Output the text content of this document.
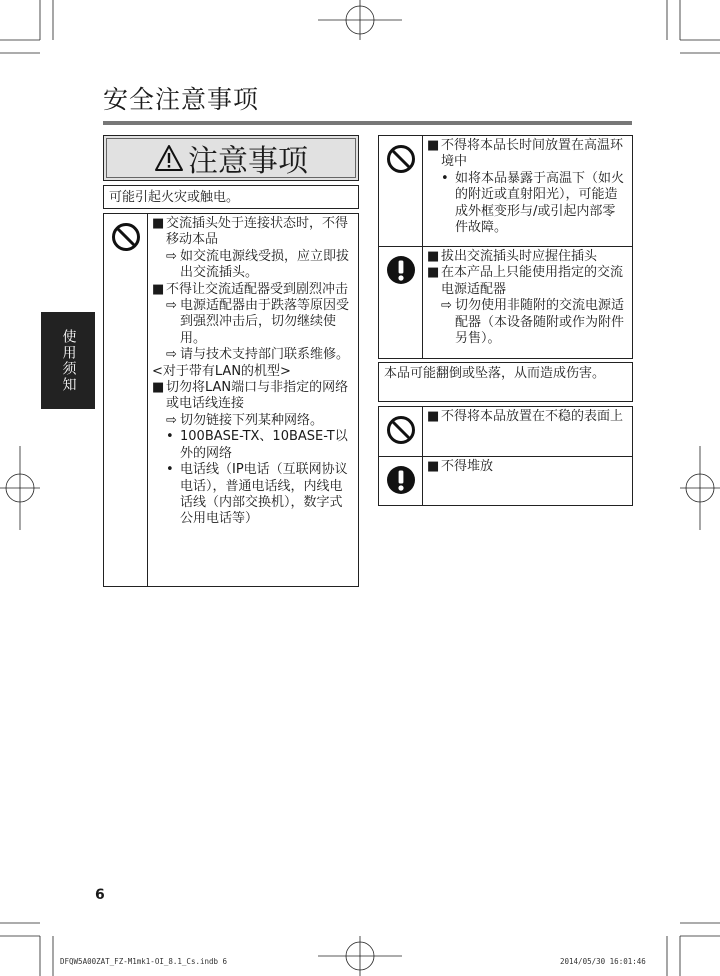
安全注意事项
使用须知
注意事项
可能引起火灾或触电。
■ 交流插头处于连接状态时，不得移动本品
⇨ 如交流电源线受损，应立即拔出交流插头。
■ 不得让交流适配器受到剧烈冲击
⇨ 电源适配器由于跌落等原因受到强烈冲击后，切勿继续使用。
⇨ 请与技术支持部门联系维修。
<对于带有LAN的机型>
■ 切勿将LAN端口与非指定的网络或电话线连接
⇨ 切勿链接下列某种网络。
• 100BASE-TX、10BASE-T以外的网络
• 电话线（IP电话（互联网协议电话），普通电话线，内线电话线（内部交换机），数字式公用电话等）
■ 不得将本品长时间放置在高温环境中
• 如将本品暴露于高温下（如火的附近或直射阳光），可能造成外框变形与/或引起内部零件故障。
■ 拔出交流插头时应握住插头
■ 在本产品上只能使用指定的交流电源适配器
⇨ 切勿使用非随附的交流电源适配器（本设备随附或作为附件另售）。
本品可能翻倒或坠落，从而造成伤害。
■ 不得将本品放置在不稳的表面上
■ 不得堆放
6
DFQW5A00ZAT_FZ-M1mk1-OI_8.1_Cs.indb 6	2014/05/30 16:01:46
